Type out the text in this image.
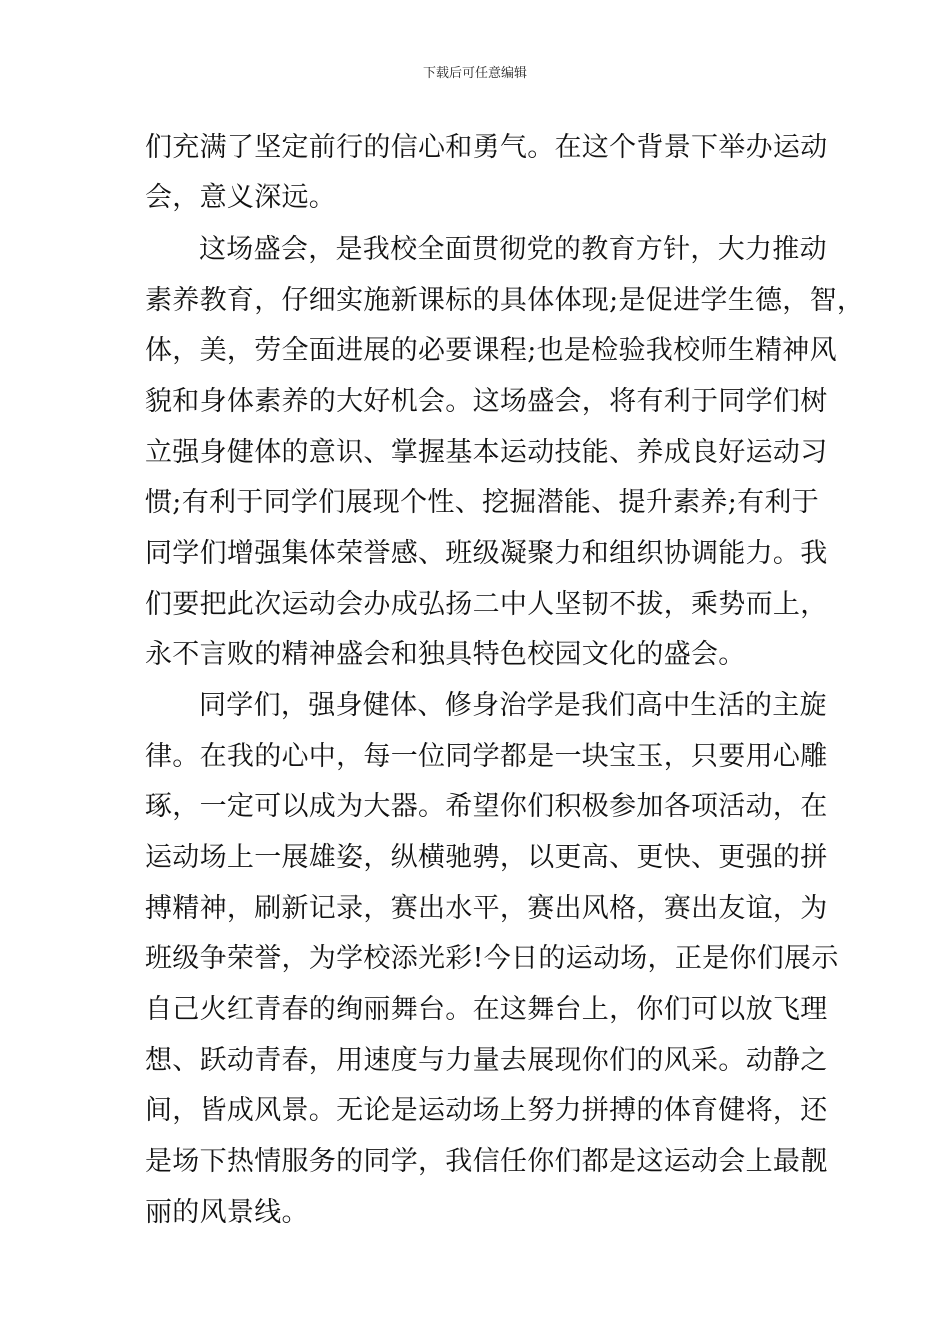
下载后可任意编辑
们充满了坚定前行的信心和勇气。在这个背景下举办运动
会，意义深远。
这场盛会，是我校全面贯彻党的教育方针，大力推动
素养教育，仔细实施新课标的具体体现;是促进学生德，智，
体，美，劳全面进展的必要课程;也是检验我校师生精神风
貌和身体素养的大好机会。这场盛会，将有利于同学们树
立强身健体的意识、掌握基本运动技能、养成良好运动习
惯;有利于同学们展现个性、挖掘潜能、提升素养;有利于
同学们增强集体荣誉感、班级凝聚力和组织协调能力。我
们要把此次运动会办成弘扬二中人坚韧不拔，乘势而上，
永不言败的精神盛会和独具特色校园文化的盛会。
同学们，强身健体、修身治学是我们高中生活的主旋
律。在我的心中，每一位同学都是一块宝玉，只要用心雕
琢，一定可以成为大器。希望你们积极参加各项活动，在
运动场上一展雄姿，纵横驰骋，以更高、更快、更强的拼
搏精神，刷新记录，赛出水平，赛出风格，赛出友谊，为
班级争荣誉，为学校添光彩!今日的运动场，正是你们展示
自己火红青春的绚丽舞台。在这舞台上，你们可以放飞理
想、跃动青春，用速度与力量去展现你们的风采。动静之
间，皆成风景。无论是运动场上努力拼搏的体育健将，还
是场下热情服务的同学，我信任你们都是这运动会上最靓
丽的风景线。
